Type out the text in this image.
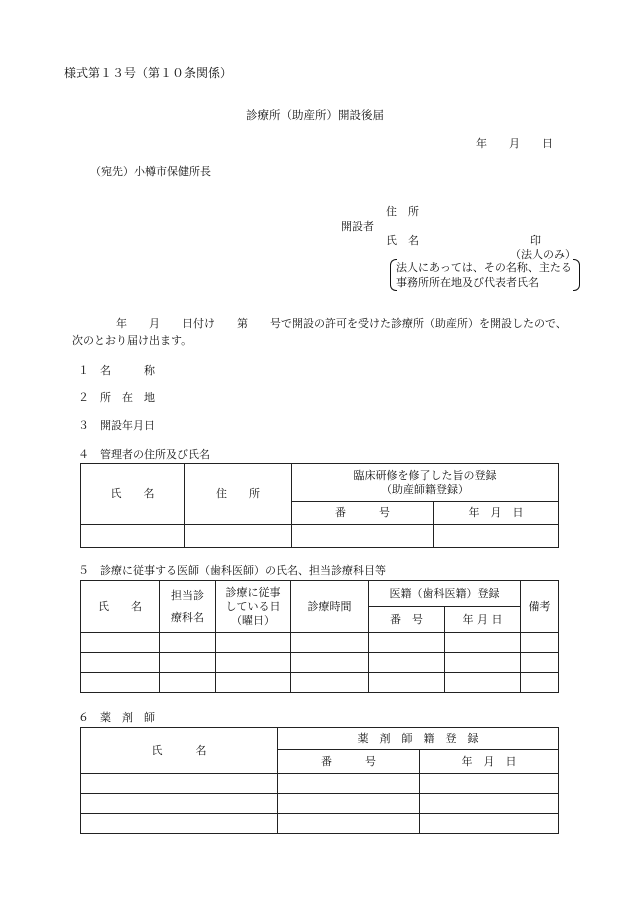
様式第１３号（第１０条関係）
診療所（助産所）開設後届
年 月 日
（宛先）小樽市保健所長
開設者
住　所
氏　名	印
（法人のみ）
法人にあっては、その名称、主たる事務所所在地及び代表者氏名
年　　月　　日付け　　第　　号で開設の許可を受けた診療所（助産所）を開設したので、次のとおり届け出ます。
１　名　　　称
２　所　在　地
３　開設年月日
４　管理者の住所及び氏名
氏　　名	住　　所	臨床研修を修了した旨の登録
（助産師籍登録）	

		番　　　号	年　月　日

５　診療に従事する医師（歯科医師）の氏名、担当診療科目等
氏　　名	担当診療科名	診療に従事している日（曜日）	診療時間	医籍（歯科医籍）登録		備考
				番　号	年 月 日	

６　薬　剤　師
氏　　　名	薬　剤　師　籍　登　録	
	番　　　号	年　月　日
